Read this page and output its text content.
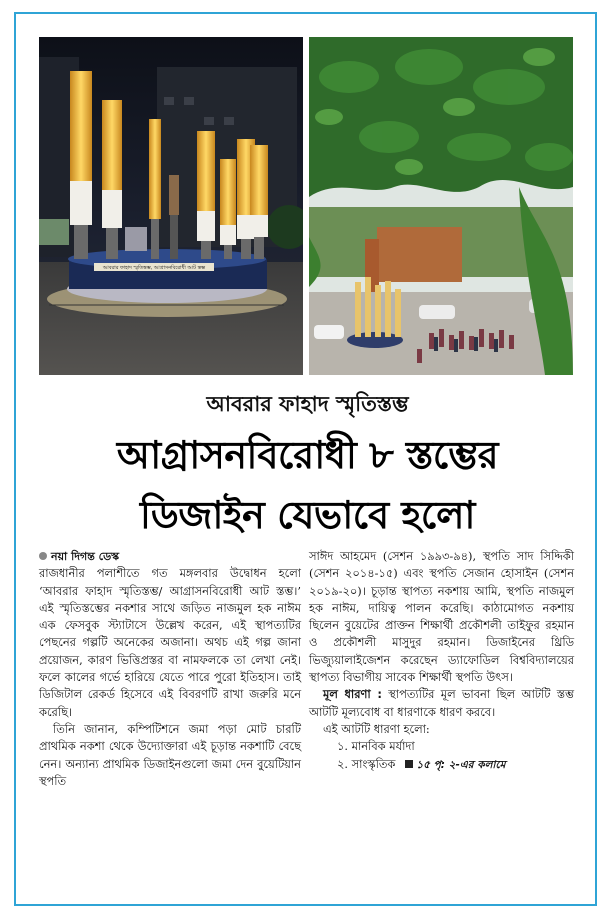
আবরার ফাহাদ স্মৃতিস্তম্ভ, আগ্রাসনবিরোধী আট স্তম্ভ
আবরার ফাহাদ স্মৃতিস্তম্ভ
আগ্রাসনবিরোধী ৮ স্তম্ভের
ডিজাইন যেভাবে হলো

নয়া দিগন্ত ডেস্ক

রাজধানীর পলাশীতে গত মঙ্গলবার উদ্বোধন হলো ‘আবরার ফাহাদ স্মৃতিস্তম্ভ/ আগ্রাসনবিরোধী আট স্তম্ভ।’ এই স্মৃতিস্তম্ভের নকশার সাথে জড়িত নাজমুল হক নাঈম এক ফেসবুক স্ট্যাটাসে উল্লেখ করেন, এই স্থাপত্যটির পেছনের গল্পটি অনেকের অজানা। অথচ এই গল্প জানা প্রয়োজন, কারণ ভিত্তিপ্রস্তর বা নামফলকে তা লেখা নেই। ফলে কালের গর্ভে হারিয়ে যেতে পারে পুরো ইতিহাস। তাই ডিজিটাল রেকর্ড হিসেবে এই বিবরণটি রাখা জরুরি মনে করেছি।

তিনি জানান, কম্পিটিশনে জমা পড়া মোট চারটি প্রাথমিক নকশা থেকে উদ্যোক্তারা এই চূড়ান্ত নকশাটি বেছে নেন। অন্যান্য প্রাথমিক ডিজাইনগুলো জমা দেন বুয়েটিয়ান স্থপতি

সাঈদ আহমেদ (সেশন ১৯৯৩-৯৪), স্থপতি সাদ সিদ্দিকী (সেশন ২০১৪-১৫) এবং স্থপতি সেজান হোসাইন (সেশন ২০১৯-২০)। চূড়ান্ত স্থাপত্য নকশায় আমি, স্থপতি নাজমুল হক নাঈম, দায়িত্ব পালন করেছি। কাঠামোগত নকশায় ছিলেন বুয়েটের প্রাক্তন শিক্ষার্থী প্রকৌশলী তাইফুর রহমান ও প্রকৌশলী মাসুদুর রহমান। ডিজাইনের থ্রিডি ভিজ্যুয়ালাইজেশন করেছেন ড্যাফোডিল বিশ্ববিদ্যালয়ের স্থাপত্য বিভাগীয় সাবেক শিক্ষার্থী স্থপতি উৎস।

মূল ধারণা : স্থাপত্যটির মূল ভাবনা ছিল আটটি স্তম্ভ আটটি মূল্যবোধ বা ধারণাকে ধারণ করবে।

এই আটটি ধারণা হলো:

১. মানবিক মর্যাদা

২. সাংস্কৃতিক ১৫ পৃ: ২-এর কলামে
